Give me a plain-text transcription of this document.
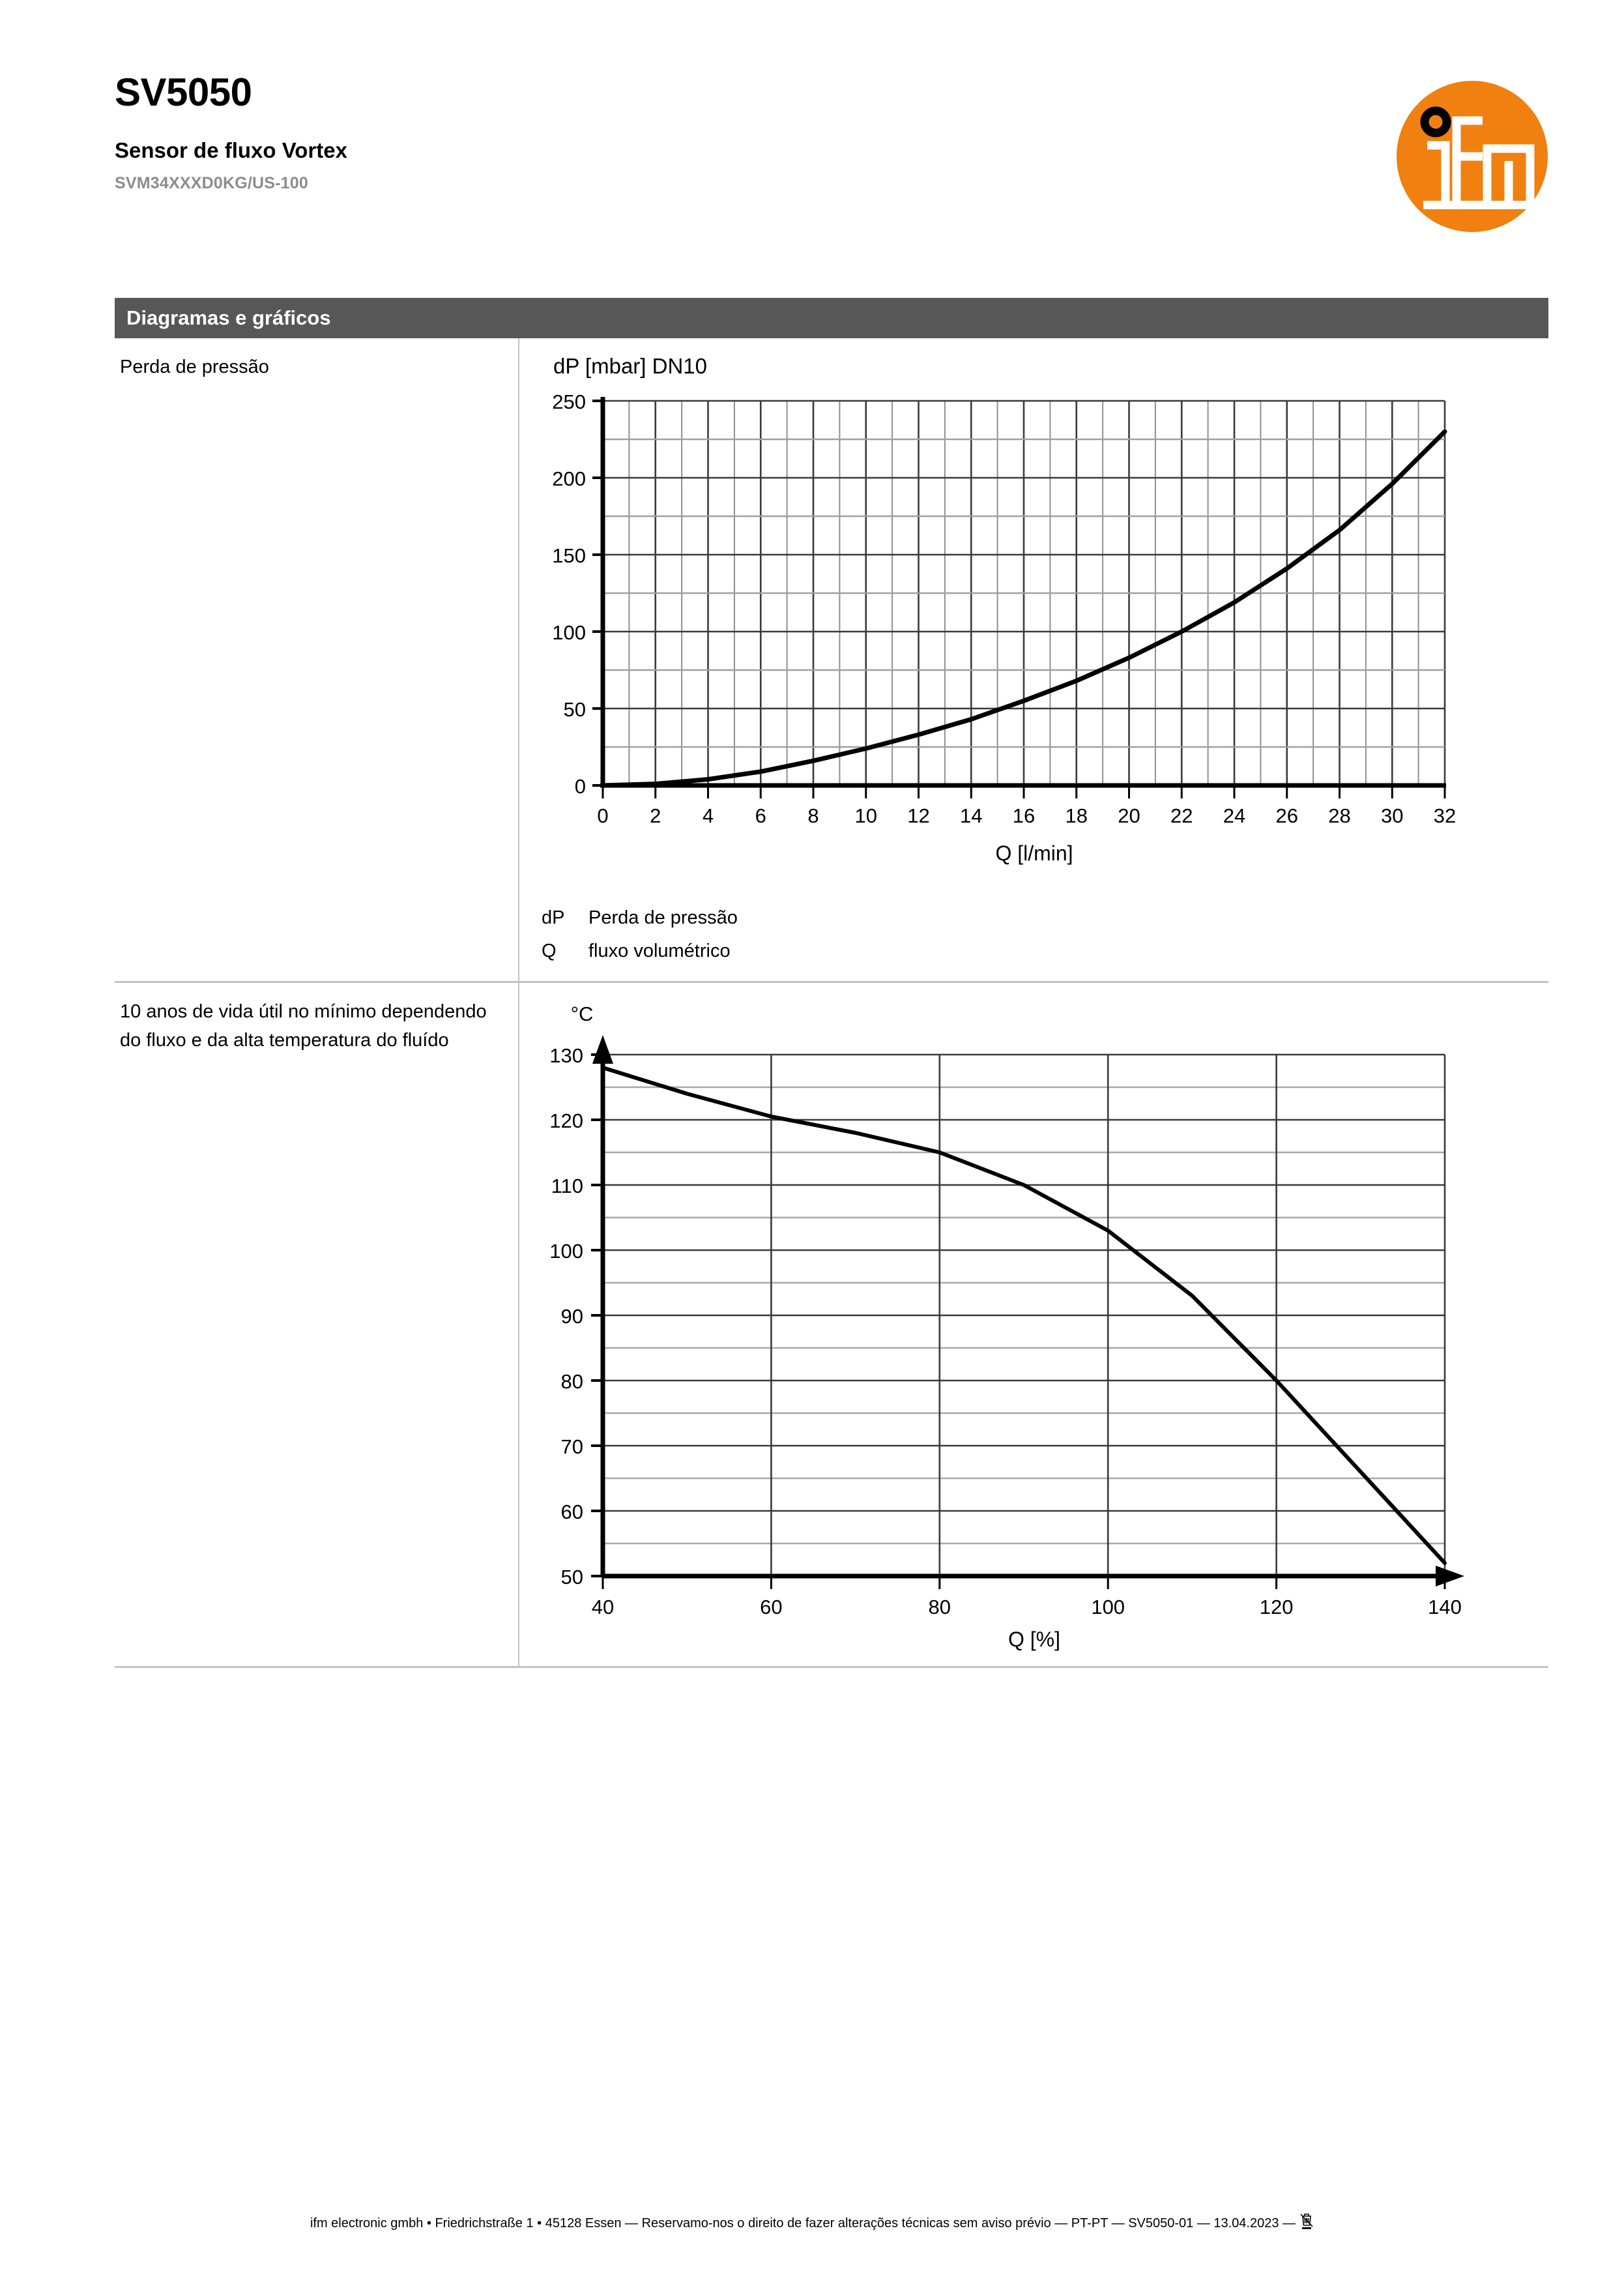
SV5050
Sensor de fluxo Vortex
SVM34XXXD0KG/US-100
Diagramas e gráficos
Perda de pressão	dP [mbar] DN10
250
200
150
100
50
0
0 2 4 6 8 10 12 14 16 18 20 22 24 26 28 30 32
Q [l/min]
dP	Perda de pressão
Q	fluxo volumétrico

10 anos de vida útil no mínimo dependendo do fluxo e da alta temperatura do fluído	
°C
130
120
110
100
90
80
70
60
50
40	60	80	100	120	140
Q [%]
ifm electronic gmbh • Friedrichstraße 1 • 45128 Essen — Reservamo-nos o direito de fazer alterações técnicas sem aviso prévio — PT-PT — SV5050-01 — 13.04.2023 —
